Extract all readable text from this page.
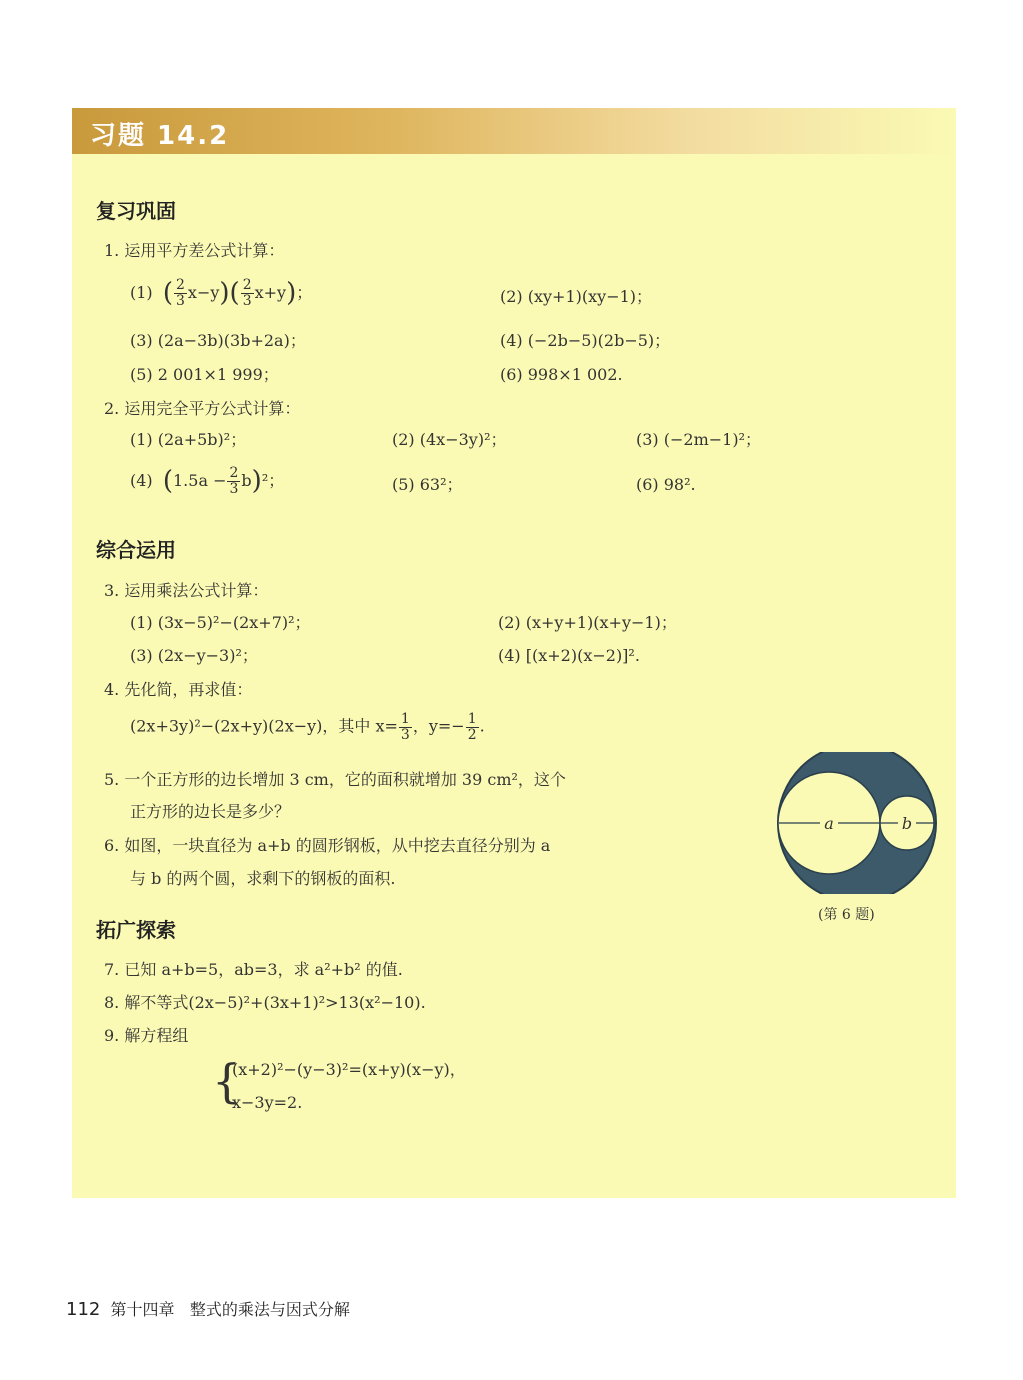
习题 14.2
复习巩固
1. 运用平方差公式计算：
(1) ( $\frac{2}{3} x-y)( \frac{2}{3} x+y)$；	(2) (xy+1)(xy−1)；
(3) (2a−3b)(3b+2a)；	(4) (−2b−5)(2b−5)；
(5) 2 001×1 999；	(6) 998×1 002.
2. 运用完全平方公式计算：
(1) (2a+5b)²；	(2) (4x−3y)²；	(3) (−2m−1)²；
(4) $(1.5a - \frac{2}{3} b)^2$；	(5) 63²；	(6) 98².
综合运用
3. 运用乘法公式计算：
(1) (3x−5)²−(2x+7)²；	(2) (x+y+1)(x+y−1)；
(3) (2x−y−3)²；	(4) [(x+2)(x−2)]².
4. 先化简，再求值：
(2x+3y)²−(2x+y)(2x−y)，其中 $x= \frac{1}{3}$ ，$y=- \frac{1}{2}$ .
5. 一个正方形的边长增加 3 cm，它的面积就增加 39 cm²，这个
正方形的边长是多少？
6. 如图，一块直径为 a+b 的圆形钢板，从中挖去直径分别为 a
与 b 的两个圆，求剩下的钢板的面积.
a	b
(第 6 题)
拓广探索
7. 已知 a+b=5，ab=3，求 a²+b² 的值.
8. 解不等式(2x−5)²+(3x+1)²>13(x²−10).
9. 解方程组
{
(x+2)²−(y−3)²=(x+y)(x−y)，
x−3y=2.
112 第十四章 整式的乘法与因式分解
